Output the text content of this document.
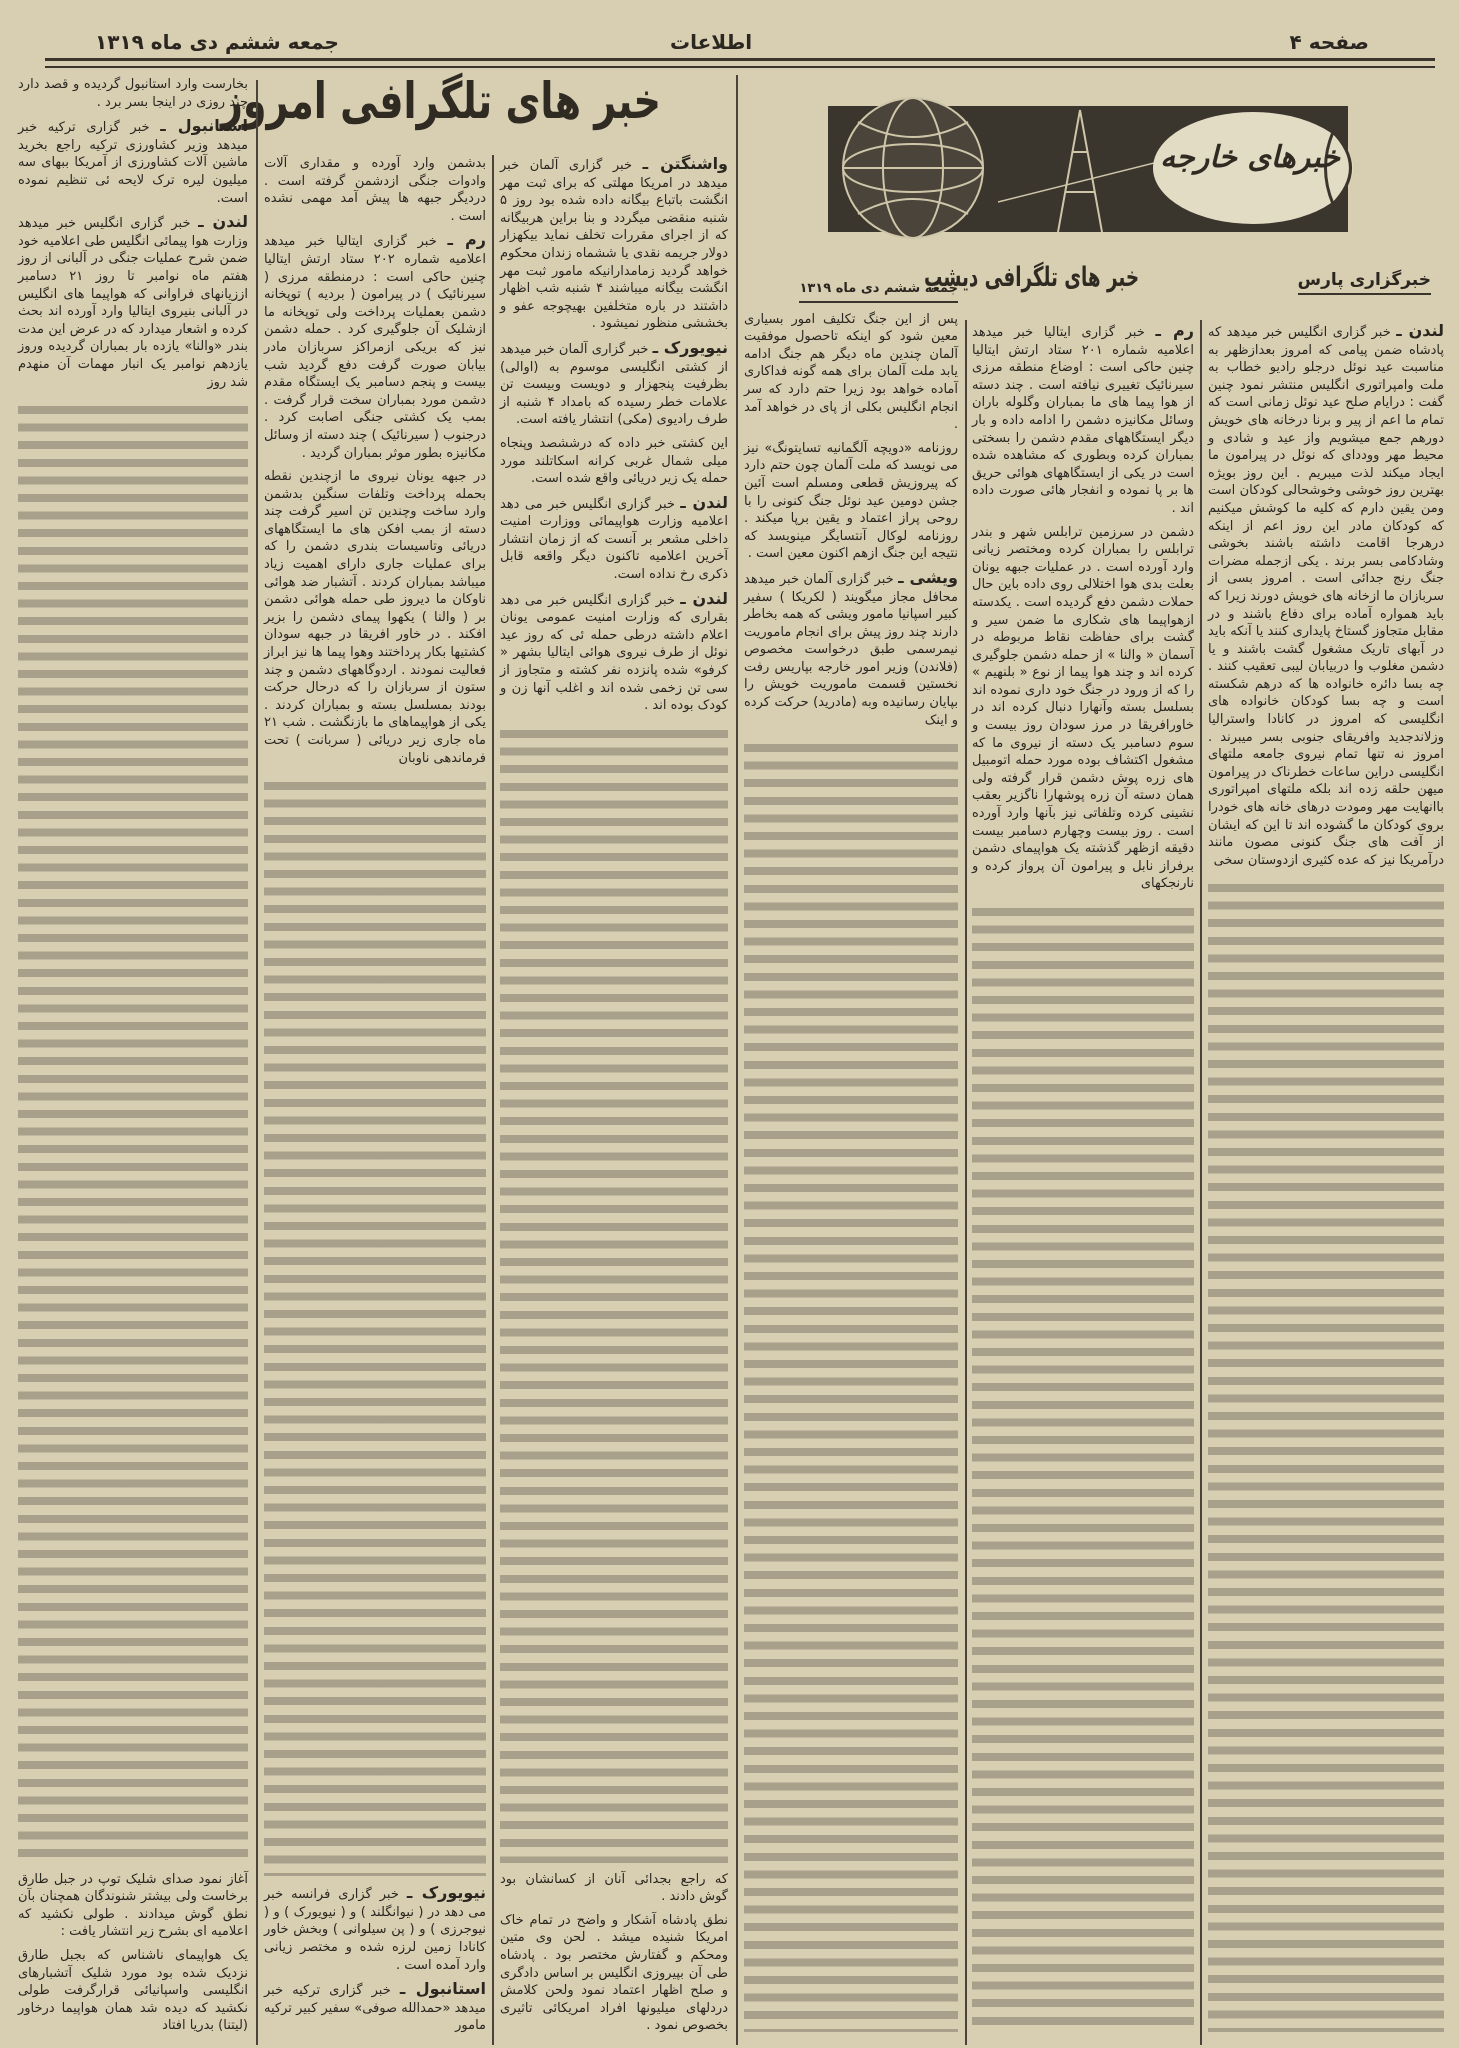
صفحه ۴
اطلاعات
جمعه ششم دی ماه ۱۳۱۹
خبرهای خارجه
خبر های تلگرافی امروز
خبر های تلگرافی دیشب	خبرگزاری پارس

بخارست وارد استانبول گردیده و قصد دارد چند روزی در اینجا بسر برد .

استانبول ـ خبر گزاری ترکیه خبر میدهد وزیر کشاورزی ترکیه راجع بخرید ماشین آلات کشاورزی از آمریکا ببهای سه میلیون لیره ترک لایحه ئی تنظیم نموده است.

لندن ـ خبر گزاری انگلیس خبر میدهد وزارت هوا پیمائی انگلیس طی اعلامیه خود ضمن شرح عملیات جنگی در آلبانی از روز هفتم ماه نوامبر تا روز ۲۱ دسامبر اززیانهای فراوانی که هواپیما های انگلیس در آلبانی بنیروی ایتالیا وارد آورده اند بحث کرده و اشعار میدارد که در عرض این مدت بندر «والنا» یازده بار بمباران گردیده وروز یازدهم نوامبر یک انبار مهمات آن منهدم شد روز

آغاز نمود صدای شلیک توپ در جبل طارق برخاست ولی بیشتر شنوندگان همچنان بآن نطق گوش میدادند . طولی نکشید که اعلامیه ای بشرح زیر انتشار یافت :

یک هواپیمای ناشناس که بجبل طارق نزدیک شده بود مورد شلیک آتشبارهای انگلیسی واسپانیائی قرارگرفت طولی نکشید که دیده شد همان هواپیما درخاور (لیتنا) بدریا افتاد

بدشمن وارد آورده و مقداری آلات وادوات جنگی ازدشمن گرفته است . دردیگر جبهه ها پیش آمد مهمی نشده است .

رم ـ خبر گزاری ایتالیا خبر میدهد اعلامیه شماره ۲۰۲ ستاد ارتش ایتالیا چنین حاکی است : درمنطقه مرزی ( سیرنائیک ) در پیرامون ( بردیه ) توپخانه دشمن بعملیات پرداخت ولی توپخانه ما ازشلیک آن جلوگیری کرد . حمله دشمن نیز که بریکی ازمراکز سربازان مادر بیابان صورت گرفت دفع گردید شب بیست و پنجم دسامبر یک ایستگاه مقدم دشمن مورد بمباران سخت قرار گرفت . بمب یک کشتی جنگی اصابت کرد . درجنوب ( سیرنائیک ) چند دسته از وسائل مکانیزه بطور موثر بمباران گردید .

در جبهه یونان نیروی ما ازچندین نقطه بحمله پرداخت وتلفات سنگین بدشمن وارد ساخت وچندین تن اسیر گرفت چند دسته از بمب افکن های ما ایستگاههای دریائی وتاسیسات بندری دشمن را که برای عملیات جاری دارای اهمیت زیاد میباشد بمباران کردند . آتشبار ضد هوائی ناوکان ما دیروز طی حمله هوائی دشمن بر ( والنا ) یکهوا پیمای دشمن را بزیر افکند . در خاور افریقا در جبهه سودان کشتیها بکار پرداختند وهوا پیما ها نیز ابراز فعالیت نمودند . اردوگاههای دشمن و چند ستون از سربازان را که درحال حرکت بودند بمسلسل بسته و بمباران کردند . یکی از هواپیماهای ما بازنگشت . شب ۲۱ ماه جاری زیر دریائی ( سربانت ) تحت فرماندهی ناوبان

نیویورک ـ خبر گزاری فرانسه خبر می دهد در ( نیوانگلند ) و ( نیویورک ) و ( نیوجرزی ) و ( پن سیلوانی ) وبخش خاور کانادا زمین لرزه شده و مختصر زیانی وارد آمده است .

استانبول ـ خبر گزاری ترکیه خبر میدهد «حمدالله صوفی» سفیر کبیر ترکیه مامور

واشنگتن ـ خبر گزاری آلمان خبر میدهد در امریکا مهلتی که برای ثبت مهر انگشت باتباع بیگانه داده شده بود روز ۵ شنبه منقضی میگردد و بنا براین هربیگانه که از اجرای مقررات تخلف نماید بیکهزار دولار جریمه نقدی یا ششماه زندان محکوم خواهد گردید زمامدارانیکه مامور ثبت مهر انگشت بیگانه میباشند ۴ شنبه شب اظهار داشتند در باره متخلفین بهیچوجه عفو و بخششی منظور نمیشود .

نیویورک ـ خبر گزاری آلمان خبر میدهد از کشتی انگلیسی موسوم به (اوالی) بظرفیت پنجهزار و دویست وبیست تن علامات خطر رسیده که بامداد ۴ شنبه از طرف رادیوی (مکی) انتشار یافته است.

این کشتی خبر داده که درششصد وپنجاه میلی شمال غربی کرانه اسکاتلند مورد حمله یک زیر دریائی واقع شده است.

لندن ـ خبر گزاری انگلیس خبر می دهد اعلامیه وزارت هواپیمائی ووزارت امنیت داخلی مشعر بر آنست که از زمان انتشار آخرین اعلامیه تاکنون دیگر واقعه قابل ذکری رخ نداده است.

لندن ـ خبر گزاری انگلیس خبر می دهد بقراری که وزارت امنیت عمومی یونان اعلام داشته درطی حمله ئی که روز عید نوئل از طرف نیروی هوائی ایتالیا بشهر « کرفو» شده پانزده نفر کشته و متجاوز از سی تن زخمی شده اند و اغلب آنها زن و کودک بوده اند .

که راجع بجدائی آنان از کسانشان بود گوش دادند .

نطق پادشاه آشکار و واضح در تمام خاک امریکا شنیده میشد . لحن وی متین ومحکم و گفتارش مختصر بود . پادشاه طی آن بپیروزی انگلیس بر اساس دادگری و صلح اظهار اعتماد نمود ولحن کلامش دردلهای میلیونها افراد امریکائی تاثیری بخصوص نمود .

جمعه ششم دی ماه ۱۳۱۹

پس از این جنگ تکلیف امور بسیاری معین شود کو اینکه تاحصول موفقیت آلمان چندین ماه دیگر هم جنگ ادامه یابد ملت آلمان برای همه گونه فداکاری آماده خواهد بود زیرا حتم دارد که سر انجام انگلیس بکلی از پای در خواهد آمد .

روزنامه «دویچه آلگمانیه تسایتونگ» نیز می نویسد که ملت آلمان چون حتم دارد که پیروزیش قطعی ومسلم است آئین جشن دومین عید نوئل جنگ کنونی را با روحی پراز اعتماد و یقین برپا میکند . روزنامه لوکال آنتسایگر مینویسد که نتیجه این جنگ ازهم اکنون معین است .

ویشی ـ خبر گزاری آلمان خبر میدهد محافل مجاز میگویند ( لکریکا ) سفیر کبیر اسپانیا مامور ویشی که همه بخاطر دارند چند روز پیش برای انجام ماموریت نیمرسمی طبق درخواست مخصوص (فلاندن) وزیر امور خارجه بپاریس رفت نخستین قسمت ماموریت خویش را بپایان رسانیده وبه (مادرید) حرکت کرده و اینک

رم ـ خبر گزاری ایتالیا خبر میدهد اعلامیه شماره ۲۰۱ ستاد ارتش ایتالیا چنین حاکی است : اوضاع منطقه مرزی سیرنائیک تغییری نیافته است . چند دسته از هوا پیما های ما بمباران وگلوله باران وسائل مکانیزه دشمن را ادامه داده و بار دیگر ایستگاههای مقدم دشمن را بسختی بمباران کرده وبطوری که مشاهده شده است در یکی از ایستگاههای هوائی حریق ها بر پا نموده و انفجار هائی صورت داده اند .

دشمن در سرزمین ترابلس شهر و بندر ترابلس را بمباران کرده ومختصر زیانی وارد آورده است . در عملیات جبهه یونان بعلت بدی هوا اختلالی روی داده باین حال حملات دشمن دفع گردیده است . یکدسته ازهواپیما های شکاری ما ضمن سیر و گشت برای حفاظت نقاط مربوطه در آسمان « والنا » از حمله دشمن جلوگیری کرده اند و چند هوا پیما از نوع « بلنهیم » را که از ورود در جنگ خود داری نموده اند بسلسل بسته وآنهارا دنبال کرده اند در خاورافریقا در مرز سودان روز بیست و سوم دسامبر یک دسته از نیروی ما که مشغول اکتشاف بوده مورد حمله اتومبیل های زره پوش دشمن قرار گرفته ولی همان دسته آن زره پوشهارا ناگزیر بعقب نشینی کرده وتلفاتی نیز بآنها وارد آورده است . روز بیست وچهارم دسامبر بیست دقیقه ازظهر گذشته یک هواپیمای دشمن برفراز نابل و پیرامون آن پرواز کرده و نارنجکهای

لندن ـ خبر گزاری انگلیس خبر میدهد که پادشاه ضمن پیامی که امروز بعدازظهر به مناسبت عید نوئل درجلو رادیو خطاب به ملت وامپراتوری انگلیس منتشر نمود چنین گفت : درایام صلح عید نوئل زمانی است که تمام ما اعم از پیر و برنا درخانه های خویش دورهم جمع میشویم واز عید و شادی و محیط مهر ووددای که نوئل در پیرامون ما ایجاد میکند لذت میبریم . این روز بویژه بهترین روز خوشی وخوشحالی کودکان است ومن یقین دارم که کلیه ما کوشش میکنیم که کودکان مادر این روز اعم از اینکه درهرجا اقامت داشته باشند بخوشی وشادکامی بسر برند . یکی ازجمله مضرات جنگ رنج جدائی است . امروز بسی از سربازان ما ازخانه های خویش دورند زیرا که باید همواره آماده برای دفاع باشند و در مقابل متجاوز گستاخ پایداری کنند یا آنکه باید در آبهای تاریک مشغول گشت باشند و یا دشمن مغلوب وا دربیابان لیبی تعقیب کنند . چه بسا دائره خانواده ها که درهم شکسته است و چه بسا کودکان خانواده های انگلیسی که امروز در کانادا واسترالیا وزلاندجدید وافریقای جنوبی بسر میبرند . امروز نه تنها تمام نیروی جامعه ملتهای انگلیسی دراین ساعات خطرناک در پیرامون میهن حلقه زده اند بلکه ملتهای امپراتوری باانهایت مهر ومودت درهای خانه های خودرا بروی کودکان ما گشوده اند تا این که ایشان از آفت های جنگ کنونی مصون مانند درآمریکا نیز که عده کثیری ازدوستان سخی
